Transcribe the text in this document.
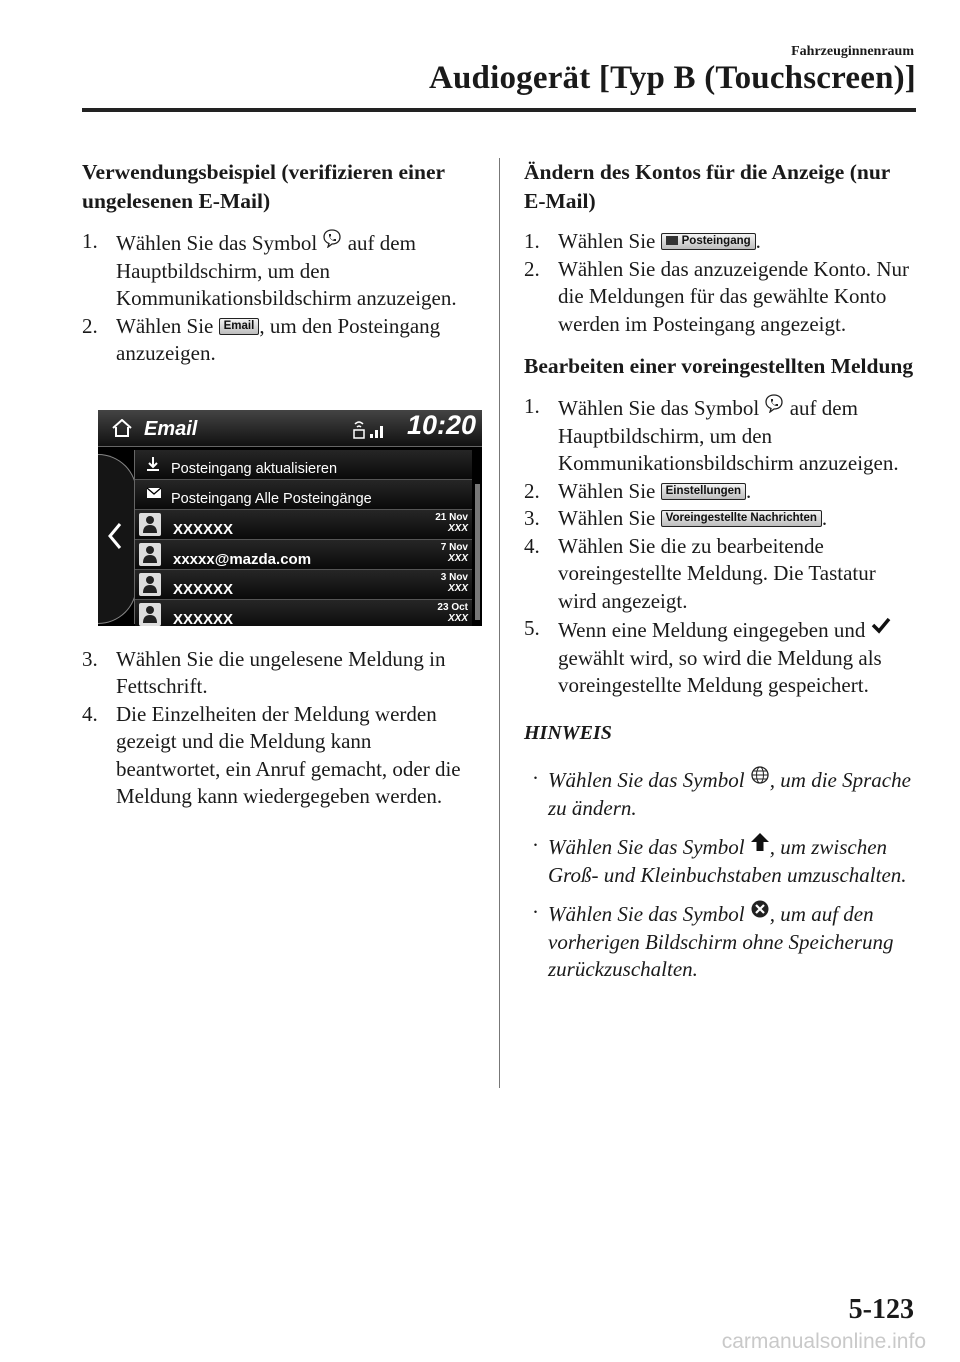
Fahrzeuginnenraum
Audiogerät [Typ B (Touchscreen)]
Verwendungsbeispiel (verifizieren einer ungelesenen E-Mail)
1. Wählen Sie das Symbol auf dem Hauptbildschirm, um den Kommunikationsbildschirm anzuzeigen.
2. Wählen Sie Email , um den Posteingang anzuzeigen.
Email	10:20
Posteingang aktualisieren
Posteingang Alle Posteingänge
XXXXXX
21 Nov
XXX
xxxxx@mazda.com
7 Nov
XXX
XXXXXX
3 Nov
XXX
XXXXXX
23 Oct
XXX
3. Wählen Sie die ungelesene Meldung in Fettschrift.
4. Die Einzelheiten der Meldung werden gezeigt und die Meldung kann beantwortet, ein Anruf gemacht, oder die Meldung kann wiedergegeben werden.
Ändern des Kontos für die Anzeige (nur E-Mail)
1. Wählen Sie Posteingang .
2. Wählen Sie das anzuzeigende Konto. Nur die Meldungen für das gewählte Konto werden im Posteingang angezeigt.
Bearbeiten einer voreingestellten Meldung
1. Wählen Sie das Symbol auf dem Hauptbildschirm, um den Kommunikationsbildschirm anzuzeigen.
2. Wählen Sie Einstellungen .
3. Wählen Sie Voreingestellte Nachrichten .
4. Wählen Sie die zu bearbeitende voreingestellte Meldung. Die Tastatur wird angezeigt.
5. Wenn eine Meldung eingegeben und  gewählt wird, so wird die Meldung als voreingestellte Meldung gespeichert.
HINWEIS
· Wählen Sie das Symbol , um die Sprache zu ändern.
· Wählen Sie das Symbol , um zwischen Groß- und Kleinbuchstaben umzuschalten.
· Wählen Sie das Symbol , um auf den vorherigen Bildschirm ohne Speicherung zurückzuschalten.
5-123
carmanualsonline.info
